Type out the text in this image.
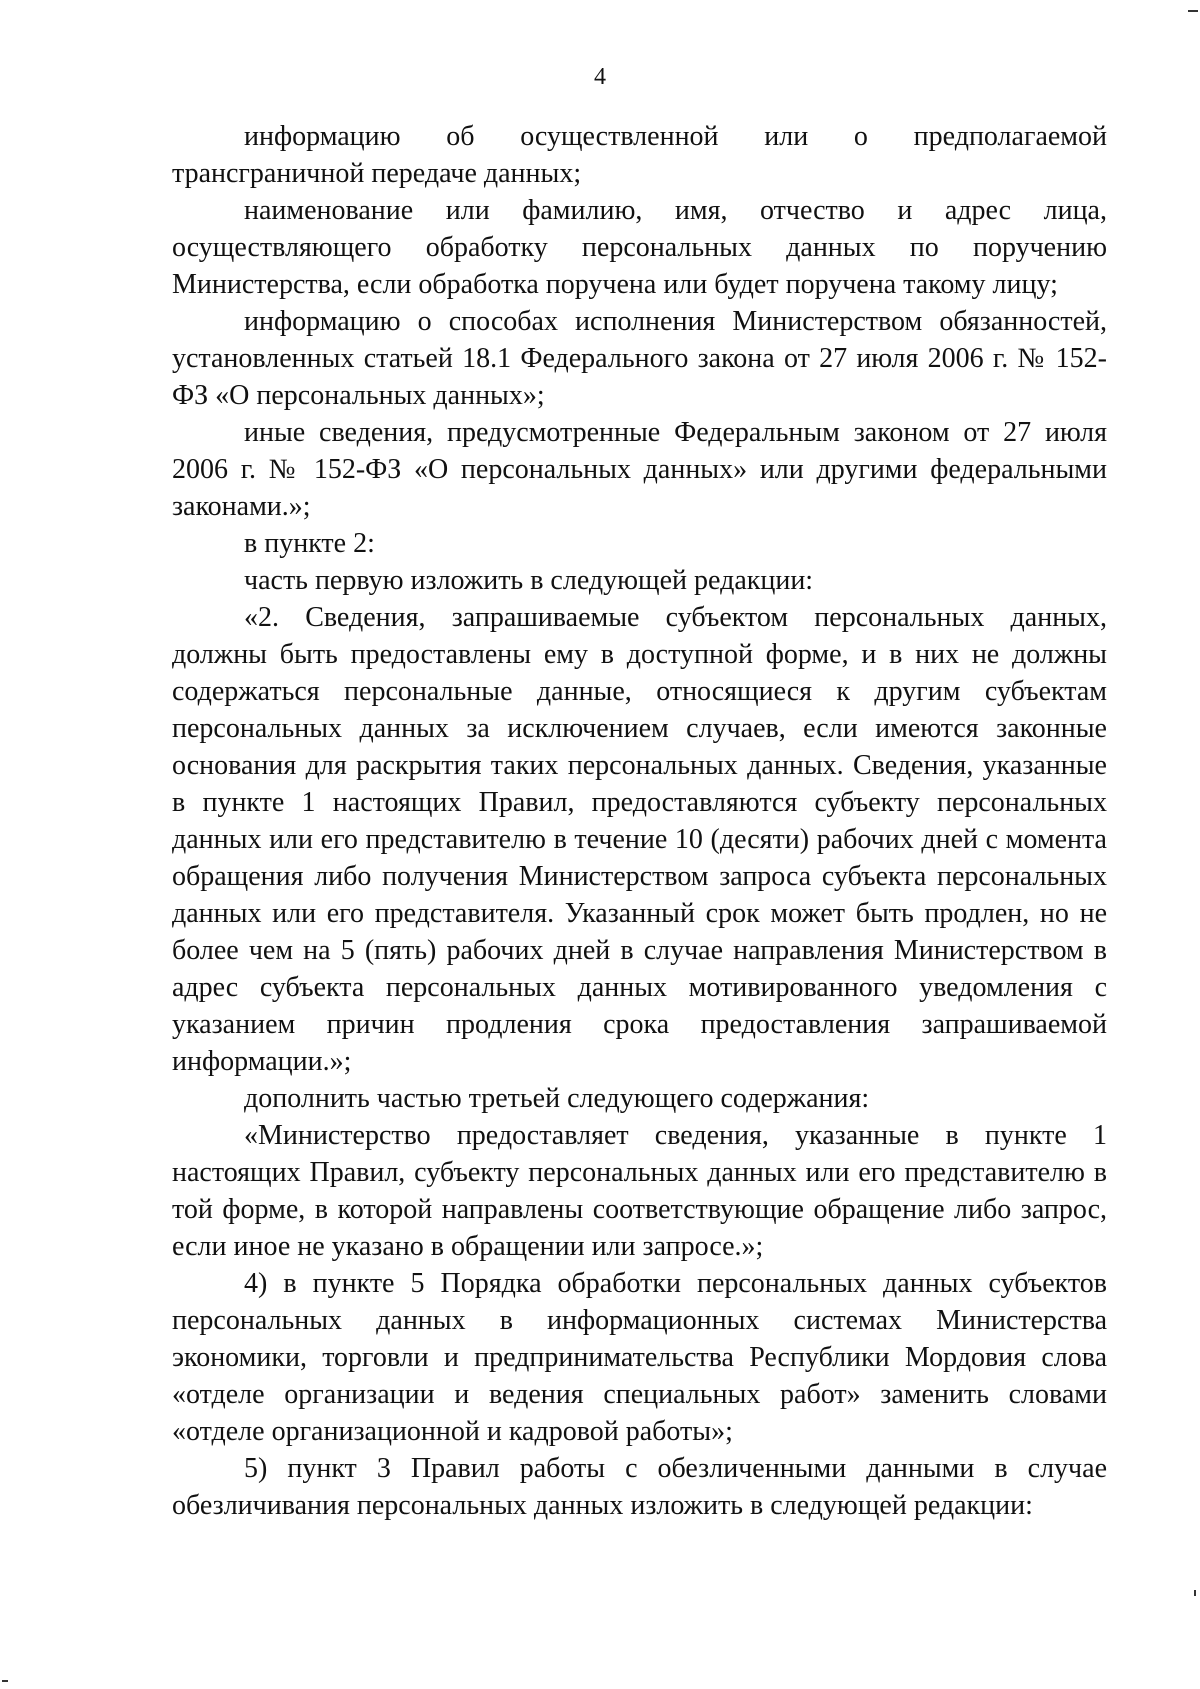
4

информацию об осуществленной или о предполагаемой трансграничной передаче данных;

наименование или фамилию, имя, отчество и адрес лица, осуществляющего обработку персональных данных по поручению Министерства, если обработка поручена или будет поручена такому лицу;

информацию о способах исполнения Министерством обязанностей, установленных статьей 18.1 Федерального закона от 27 июля 2006 г. № 152-ФЗ «О персональных данных»;

иные сведения, предусмотренные Федеральным законом от 27 июля 2006 г. № 152-ФЗ «О персональных данных» или другими федеральными законами.»;

в пункте 2:

часть первую изложить в следующей редакции:

«2. Сведения, запрашиваемые субъектом персональных данных, должны быть предоставлены ему в доступной форме, и в них не должны содержаться персональные данные, относящиеся к другим субъектам персональных данных за исключением случаев, если имеются законные основания для раскрытия таких персональных данных. Сведения, указанные в пункте 1 настоящих Правил, предоставляются субъекту персональных данных или его представителю в течение 10 (десяти) рабочих дней с момента обращения либо получения Министерством запроса субъекта персональных данных или его представителя. Указанный срок может быть продлен, но не более чем на 5 (пять) рабочих дней в случае направления Министерством в адрес субъекта персональных данных мотивированного уведомления с указанием причин продления срока предоставления запрашиваемой информации.»;

дополнить частью третьей следующего содержания:

«Министерство предоставляет сведения, указанные в пункте 1 настоящих Правил, субъекту персональных данных или его представителю в той форме, в которой направлены соответствующие обращение либо запрос, если иное не указано в обращении или запросе.»;

4) в пункте 5 Порядка обработки персональных данных субъектов персональных данных в информационных системах Министерства экономики, торговли и предпринимательства Республики Мордовия слова «отделе организации и ведения специальных работ» заменить словами «отделе организационной и кадровой работы»;

5) пункт 3 Правил работы с обезличенными данными в случае обезличивания персональных данных изложить в следующей редакции:
